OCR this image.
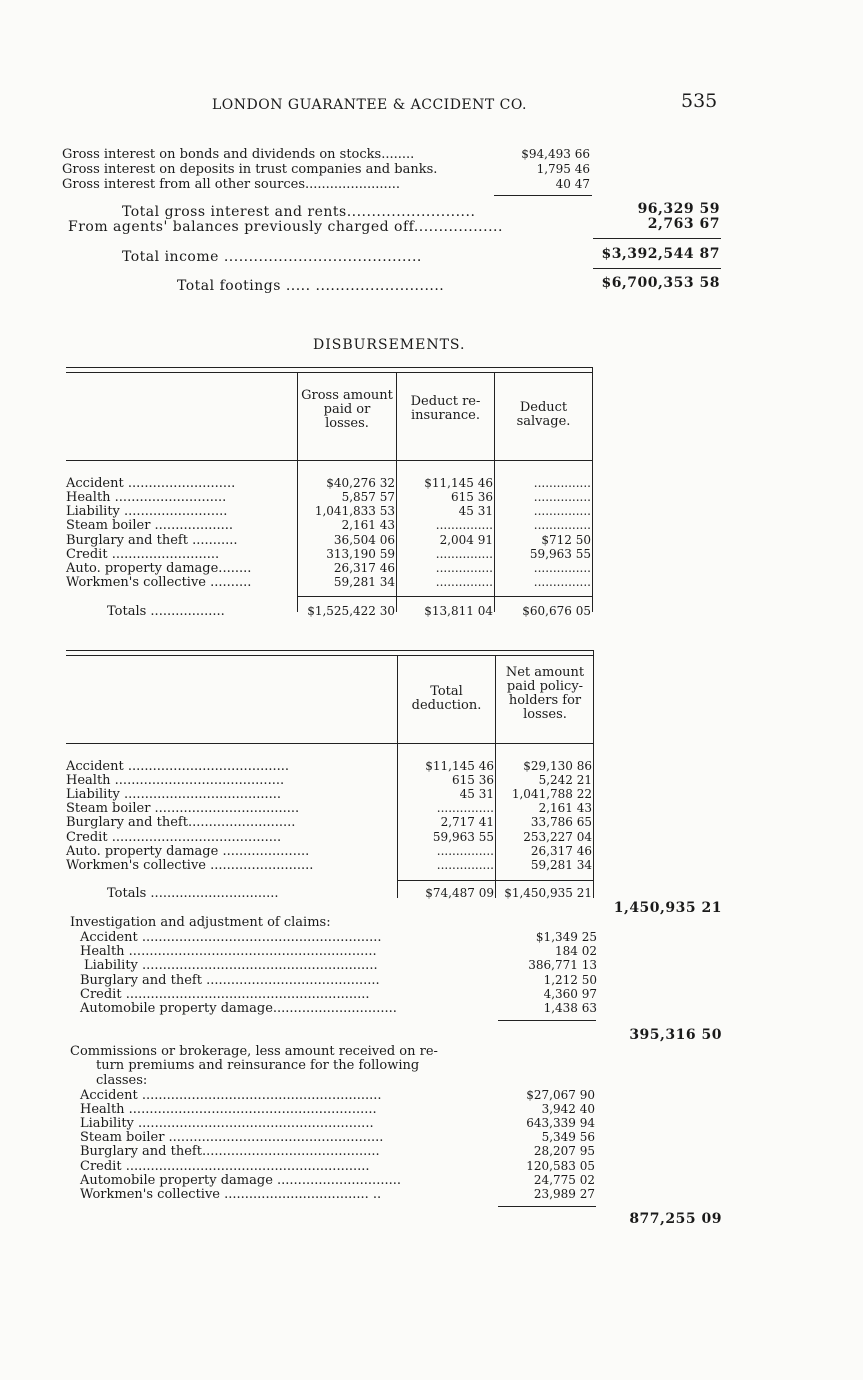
LONDON GUARANTEE & ACCIDENT CO.	535
Gross interest on bonds and dividends on stocks........	$94,493 66
Gross interest on deposits in trust companies and banks.	1,795 46
Gross interest from all other sources.......................	40 47
Total gross interest and rents..........................	96,329 59
From agents' balances previously charged off..................	2,763 67
Total income ........................................	$3,392,544 87
Total footings ..... ..........................	$6,700,353 58
DISBURSEMENTS.
Gross amount paid or losses.
Deduct re-insurance.
Deduct salvage.
Accident ..........................	$40,276 32	$11,145 46	...............
Health ...........................	5,857 57	615 36	...............
Liability .........................	1,041,833 53	45 31	...............
Steam boiler ...................	2,161 43	...............	...............
Burglary and theft ...........	36,504 06	2,004 91	$712 50
Credit ..........................	313,190 59	...............	59,963 55
Auto. property damage........	26,317 46	...............	...............
Workmen's collective ..........	59,281 34	...............	...............
Totals ..................	$1,525,422 30	$13,811 04	$60,676 05
Total deduction.
Net amount paid policy-holders for losses.
Accident .......................................	$11,145 46	$29,130 86
Health .........................................	615 36	5,242 21
Liability ......................................	45 31	1,041,788 22
Steam boiler ...................................	...............	2,161 43
Burglary and theft..........................	2,717 41	33,786 65
Credit .........................................	59,963 55	253,227 04
Auto. property damage .....................	...............	26,317 46
Workmen's collective .........................	...............	59,281 34
Totals ...............................	$74,487 09 $1,450,935 21
1,450,935 21
Investigation and adjustment of claims:
Accident ..........................................................	$1,349 25
Health ............................................................	184 02
Liability .........................................................	386,771 13
Burglary and theft ..........................................	1,212 50
Credit ...........................................................	4,360 97
Automobile property damage..............................	1,438 63
395,316 50
Commissions or brokerage, less amount received on re-
turn premiums and reinsurance for the following
classes:
Accident ..........................................................	$27,067 90
Health ............................................................	3,942 40
Liability .........................................................	643,339 94
Steam boiler ....................................................	5,349 56
Burglary and theft...........................................	28,207 95
Credit ...........................................................	120,583 05
Automobile property damage ..............................	24,775 02
Workmen's collective ................................... ..	23,989 27
877,255 09
